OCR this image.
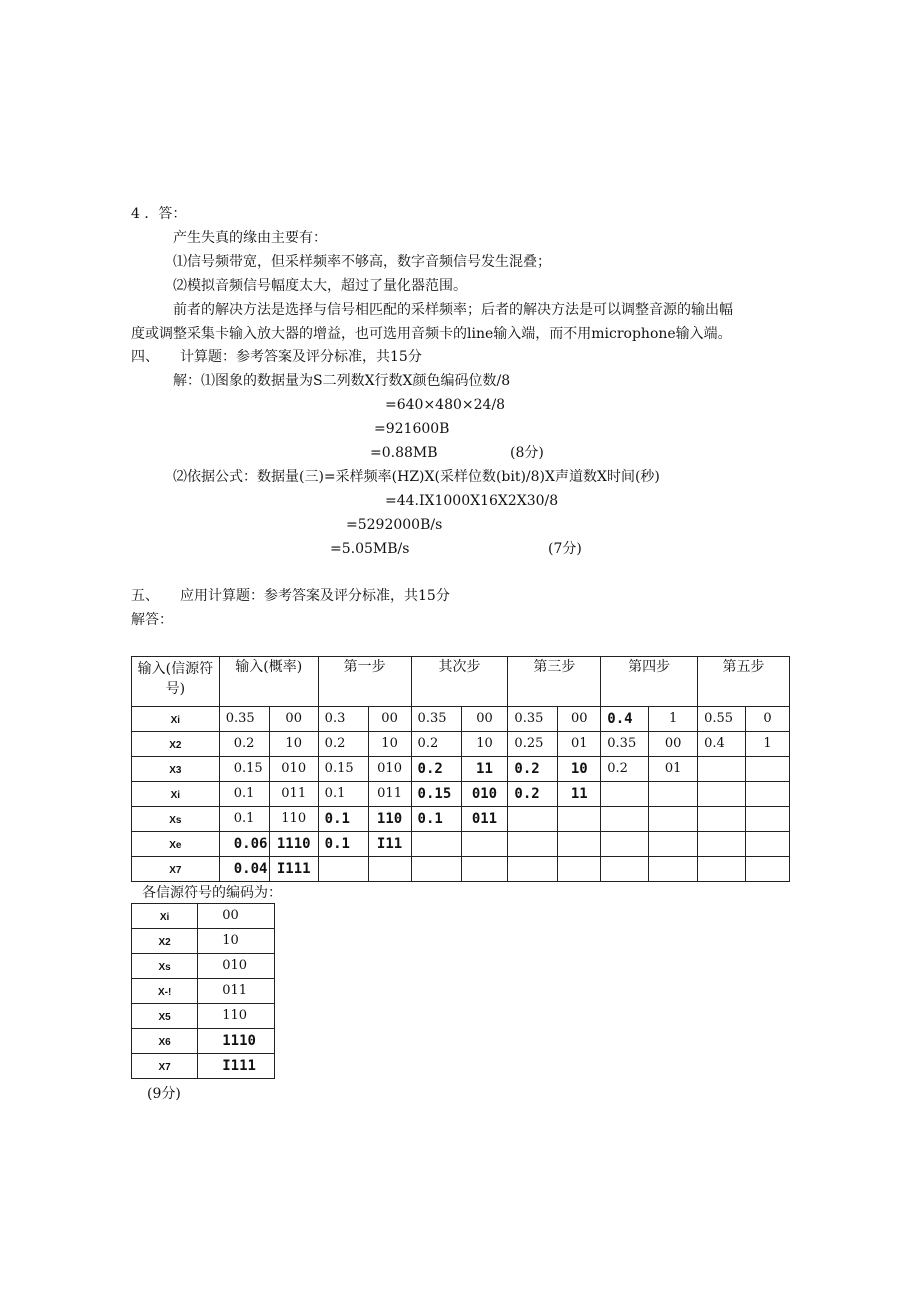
4 ．答：
产生失真的缘由主要有：
⑴信号频带宽，但采样频率不够高，数字音频信号发生混叠；
⑵模拟音频信号幅度太大，超过了量化器范围。
前者的解决方法是选择与信号相匹配的采样频率；后者的解决方法是可以调整音源的输出幅
度或调整采集卡输入放大器的增益，也可选用音频卡的line输入端，而不用microphone输入端。
四、　　计算题：参考答案及评分标准，共15分
解：⑴图象的数据量为S二列数X行数X颜色编码位数/8
=640×480×24/8
=921600B
=0.88MB	(8分)
⑵依据公式：数据量(三)=采样频率(HZ)X(采样位数(bit)/8)X声道数X时间(秒)
=44.IX1000X16X2X30/8
=5292000B/s
=5.05MB/s	(7分)
五、　　应用计算题：参考答案及评分标准，共15分
解答：
输入(信源符号)	输入(概率)		第一步		其次步		第三步		第四步		第五步	
Xi	0.35	00	0.3	00	0.35	00	0.35	00	0.4	1	0.55	0
X2	0.2	10	0.2	10	0.2	10	0.25	01	0.35	00	0.4	1
X3	0.15	010	0.15	010	0.2	11	0.2	10	0.2	01		
Xi	0.1	011	0.1	011	0.15	010	0.2	11				
Xs	0.1	110	0.1	110	0.1	011						
Xe	0.06	1110	0.1	I11								
X7	0.04	I111										
各信源符号的编码为：
Xi	00
X2	10
Xs	010
X-!	011
X5	110
X6	1110
X7	I111
(9分)
